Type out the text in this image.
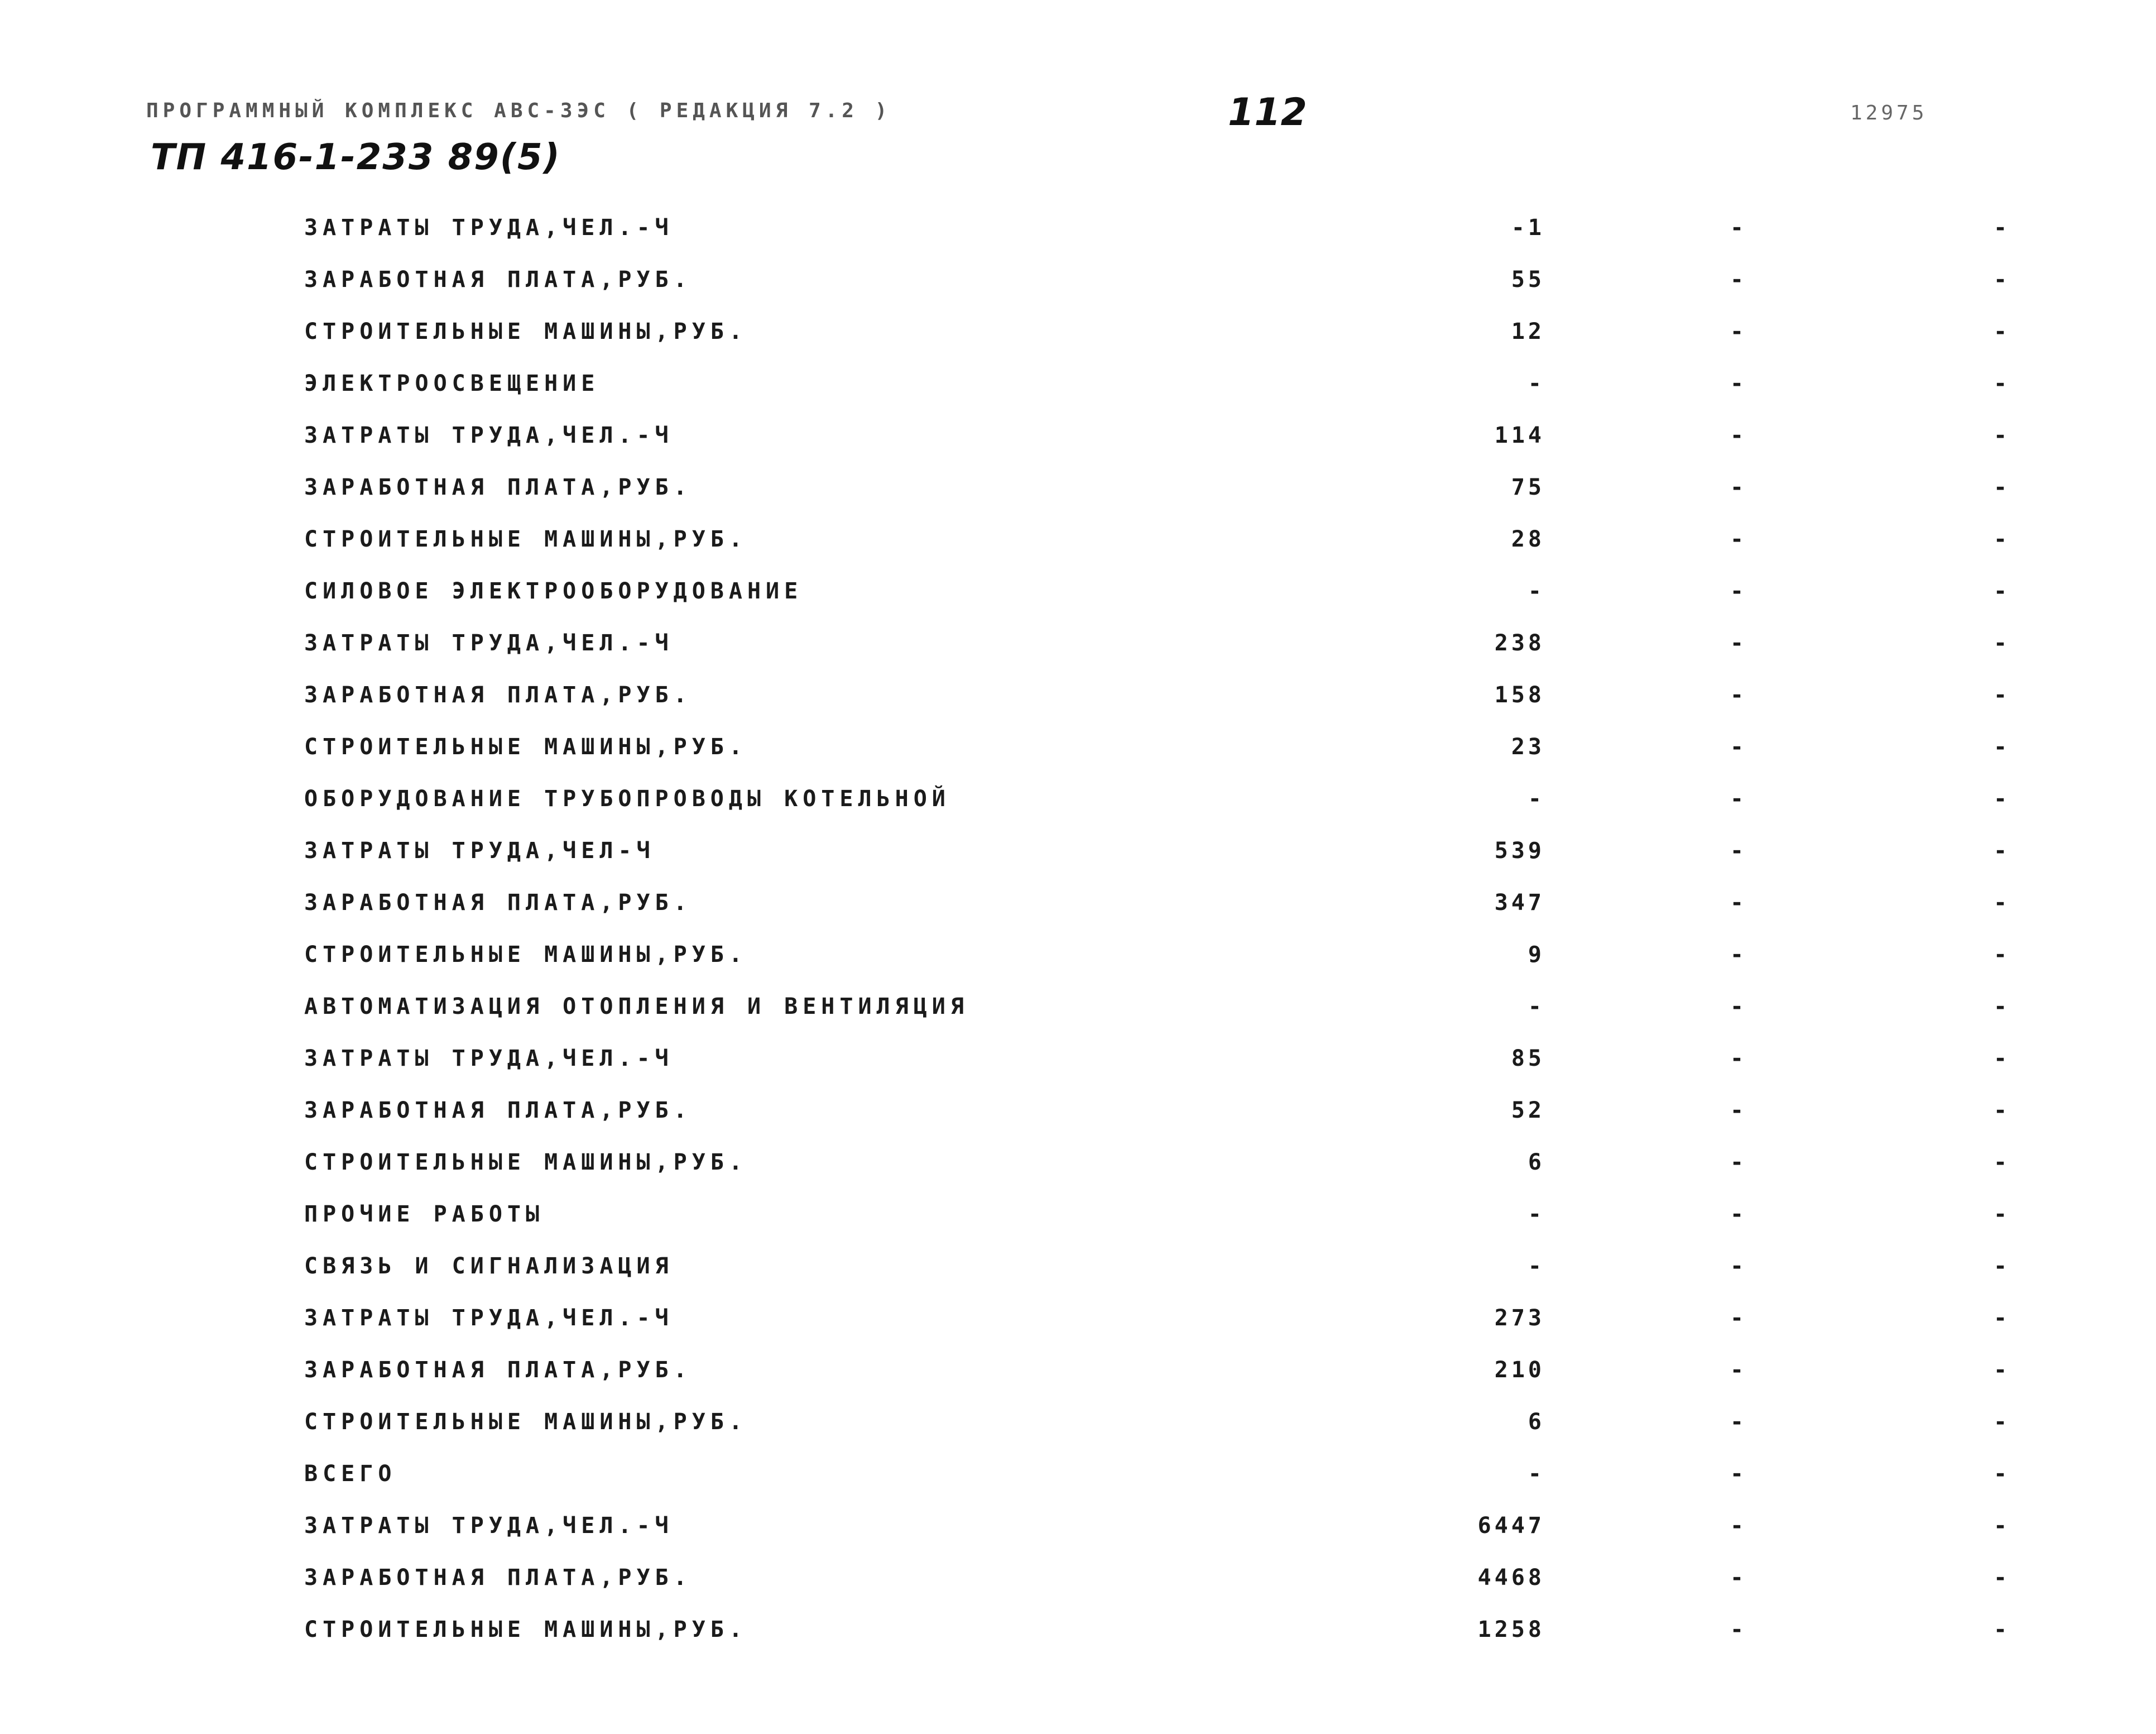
ПРОГРАММНЫЙ КОМПЛЕКС АВС-ЗЭС ( РЕДАКЦИЯ 7.2 )	112	12975
ТП 416-1-233 89(5)
ЗАТРАТЫ ТРУДА,ЧЕЛ.-Ч	-1	-	-
ЗАРАБОТНАЯ ПЛАТА,РУБ.	55	-	-
СТРОИТЕЛЬНЫЕ МАШИНЫ,РУБ.	12	-	-
ЭЛЕКТРООСВЕЩЕНИЕ	-	-	-
ЗАТРАТЫ ТРУДА,ЧЕЛ.-Ч	114	-	-
ЗАРАБОТНАЯ ПЛАТА,РУБ.	75	-	-
СТРОИТЕЛЬНЫЕ МАШИНЫ,РУБ.	28	-	-
СИЛОВОЕ ЭЛЕКТРООБОРУДОВАНИЕ	-	-	-
ЗАТРАТЫ ТРУДА,ЧЕЛ.-Ч	238	-	-
ЗАРАБОТНАЯ ПЛАТА,РУБ.	158	-	-
СТРОИТЕЛЬНЫЕ МАШИНЫ,РУБ.	23	-	-
ОБОРУДОВАНИЕ ТРУБОПРОВОДЫ КОТЕЛЬНОЙ	-	-	-
ЗАТРАТЫ ТРУДА,ЧЕЛ-Ч	539	-	-
ЗАРАБОТНАЯ ПЛАТА,РУБ.	347	-	-
СТРОИТЕЛЬНЫЕ МАШИНЫ,РУБ.	9	-	-
АВТОМАТИЗАЦИЯ ОТОПЛЕНИЯ И ВЕНТИЛЯЦИЯ	-	-	-
ЗАТРАТЫ ТРУДА,ЧЕЛ.-Ч	85	-	-
ЗАРАБОТНАЯ ПЛАТА,РУБ.	52	-	-
СТРОИТЕЛЬНЫЕ МАШИНЫ,РУБ.	6	-	-
ПРОЧИЕ РАБОТЫ	-	-	-
СВЯЗЬ И СИГНАЛИЗАЦИЯ	-	-	-
ЗАТРАТЫ ТРУДА,ЧЕЛ.-Ч	273	-	-
ЗАРАБОТНАЯ ПЛАТА,РУБ.	210	-	-
СТРОИТЕЛЬНЫЕ МАШИНЫ,РУБ.	6	-	-
ВСЕГО	-	-	-
ЗАТРАТЫ ТРУДА,ЧЕЛ.-Ч	6447	-	-
ЗАРАБОТНАЯ ПЛАТА,РУБ.	4468	-	-
СТРОИТЕЛЬНЫЕ МАШИНЫ,РУБ.	1258	-	-
